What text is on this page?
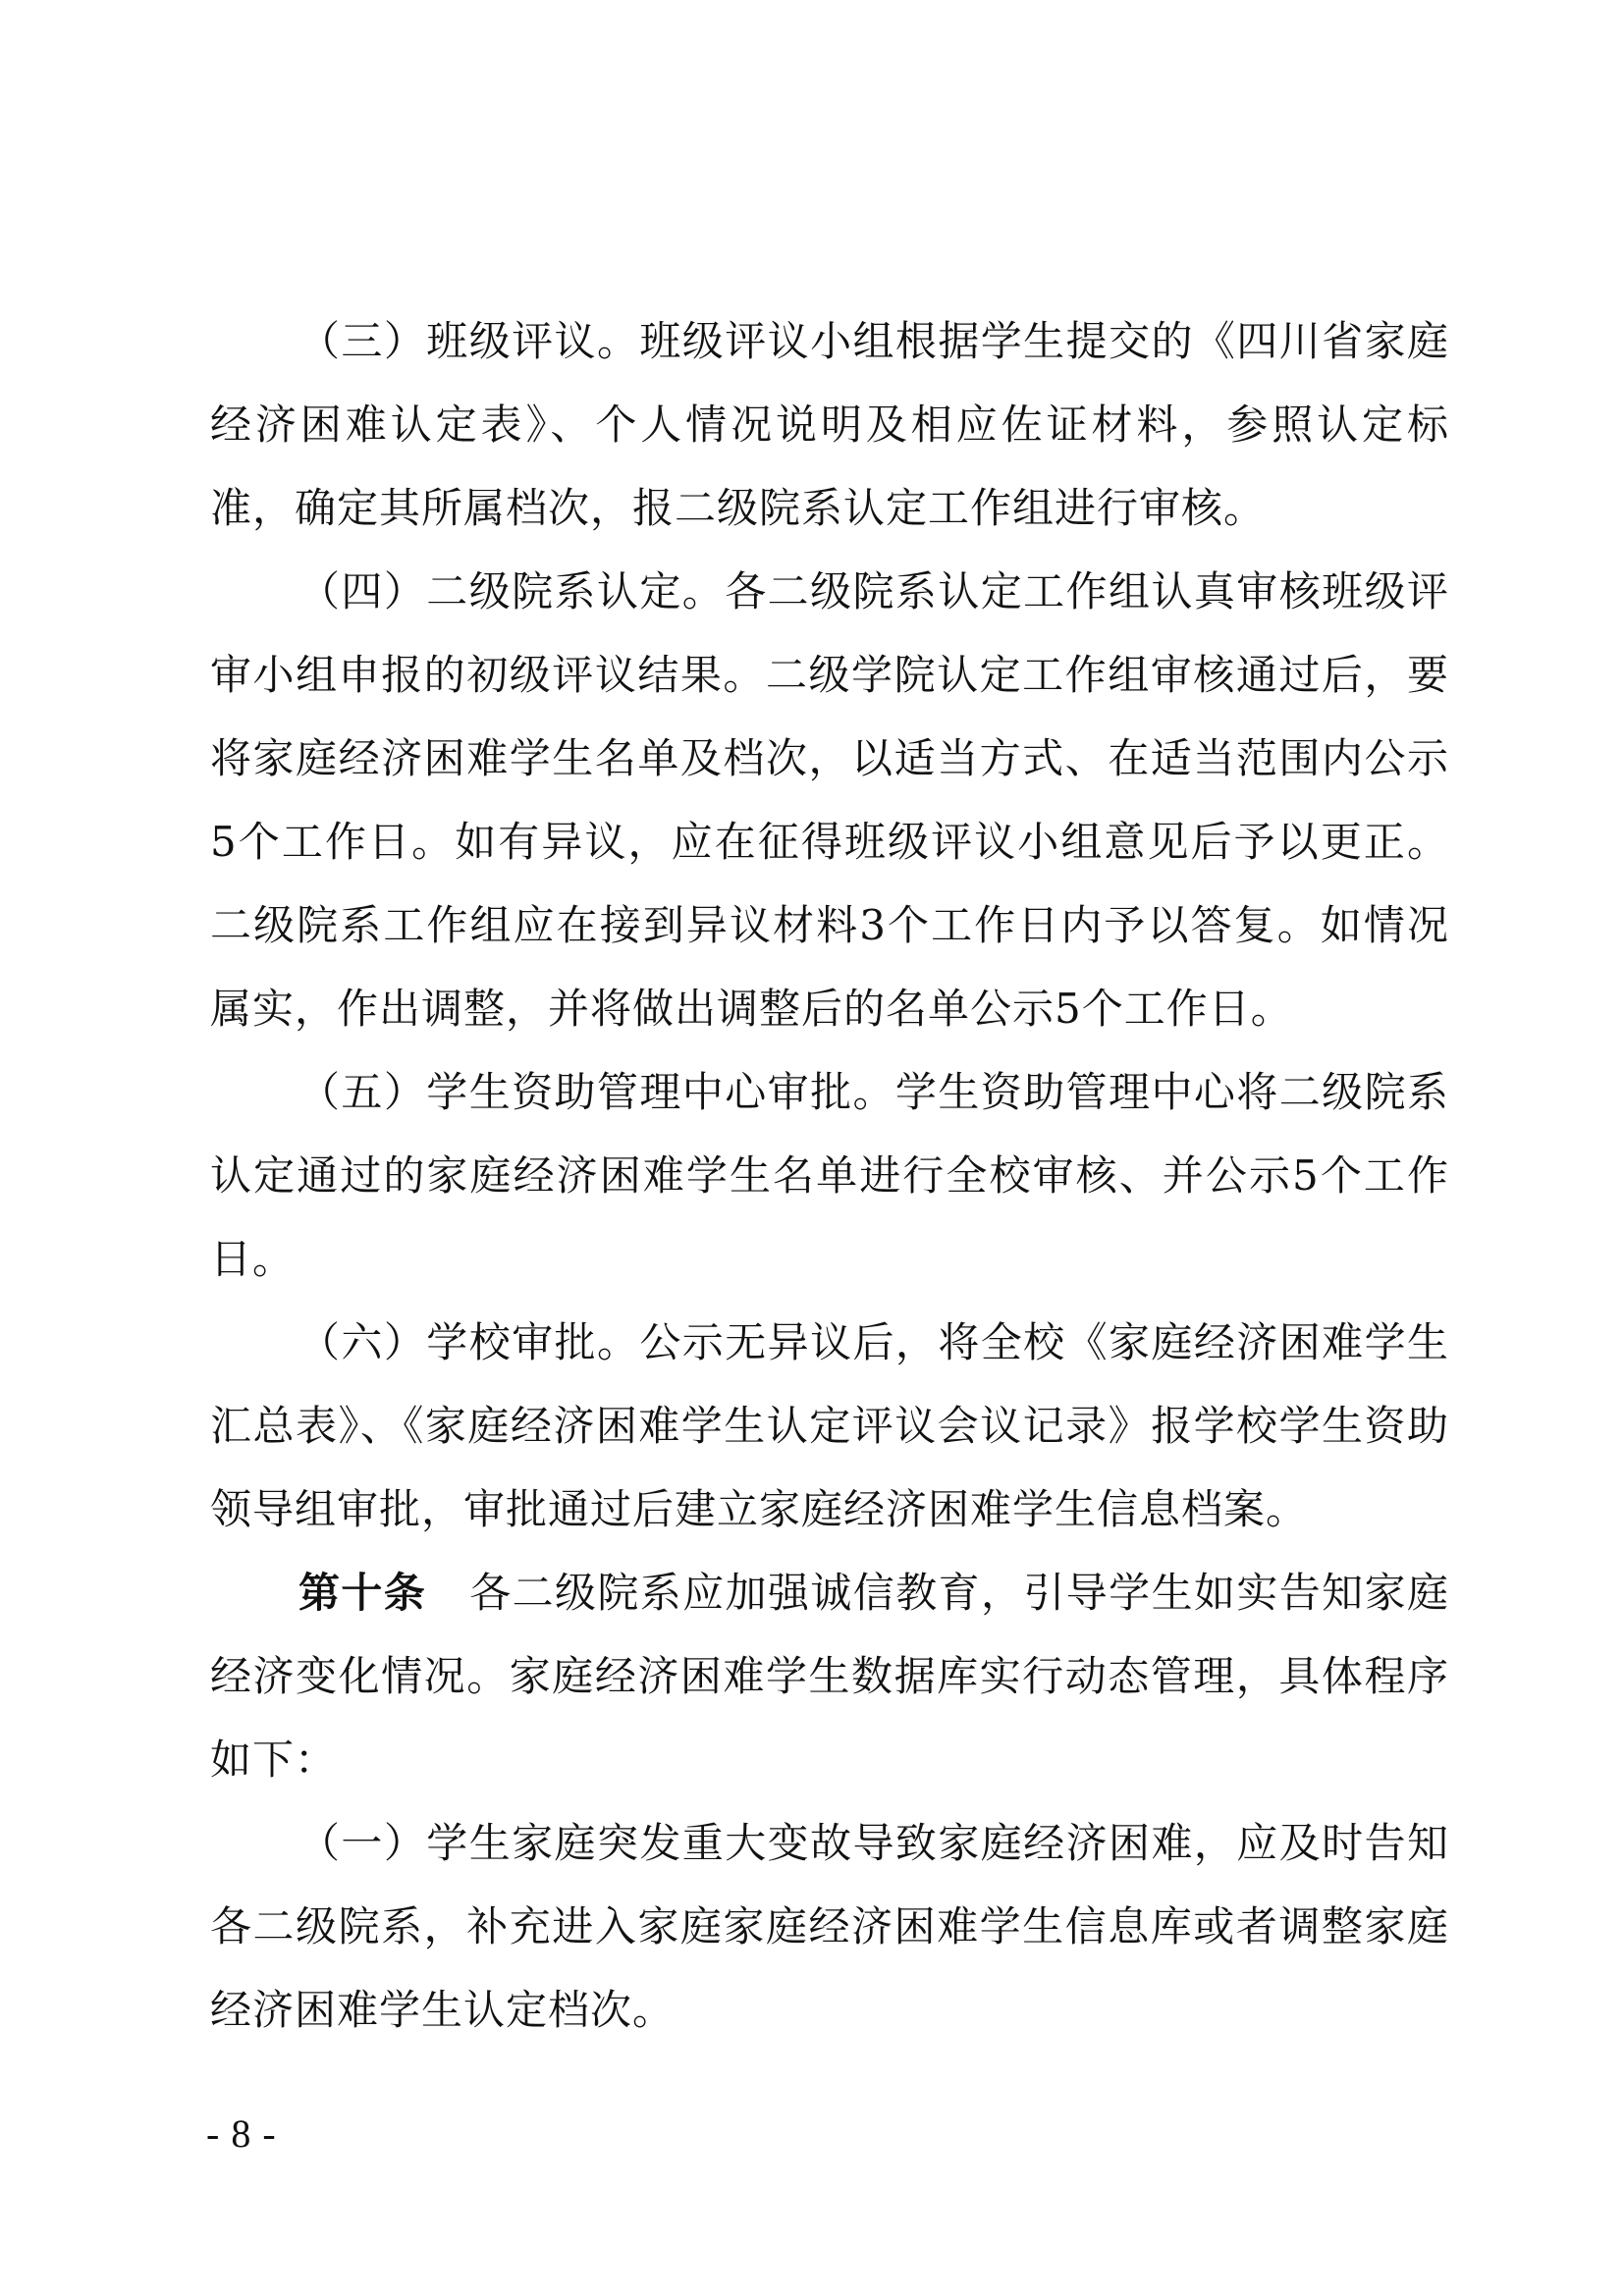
（三）班级评议。班级评议小组根据学生提交的《四川省家庭经济困难认定表》、个人情况说明及相应佐证材料，参照认定标准，确定其所属档次，报二级院系认定工作组进行审核。

（四）二级院系认定。各二级院系认定工作组认真审核班级评审小组申报的初级评议结果。二级学院认定工作组审核通过后，要将家庭经济困难学生名单及档次，以适当方式、在适当范围内公示5个工作日。如有异议，应在征得班级评议小组意见后予以更正。二级院系工作组应在接到异议材料3个工作日内予以答复。如情况属实，作出调整，并将做出调整后的名单公示5个工作日。

（五）学生资助管理中心审批。学生资助管理中心将二级院系认定通过的家庭经济困难学生名单进行全校审核、并公示5个工作日。

（六）学校审批。公示无异议后，将全校《家庭经济困难学生汇总表》、《家庭经济困难学生认定评议会议记录》报学校学生资助领导组审批，审批通过后建立家庭经济困难学生信息档案。

第十条 各二级院系应加强诚信教育，引导学生如实告知家庭经济变化情况。家庭经济困难学生数据库实行动态管理，具体程序如下：

（一）学生家庭突发重大变故导致家庭经济困难，应及时告知各二级院系，补充进入家庭家庭经济困难学生信息库或者调整家庭经济困难学生认定档次。

- 8 -
